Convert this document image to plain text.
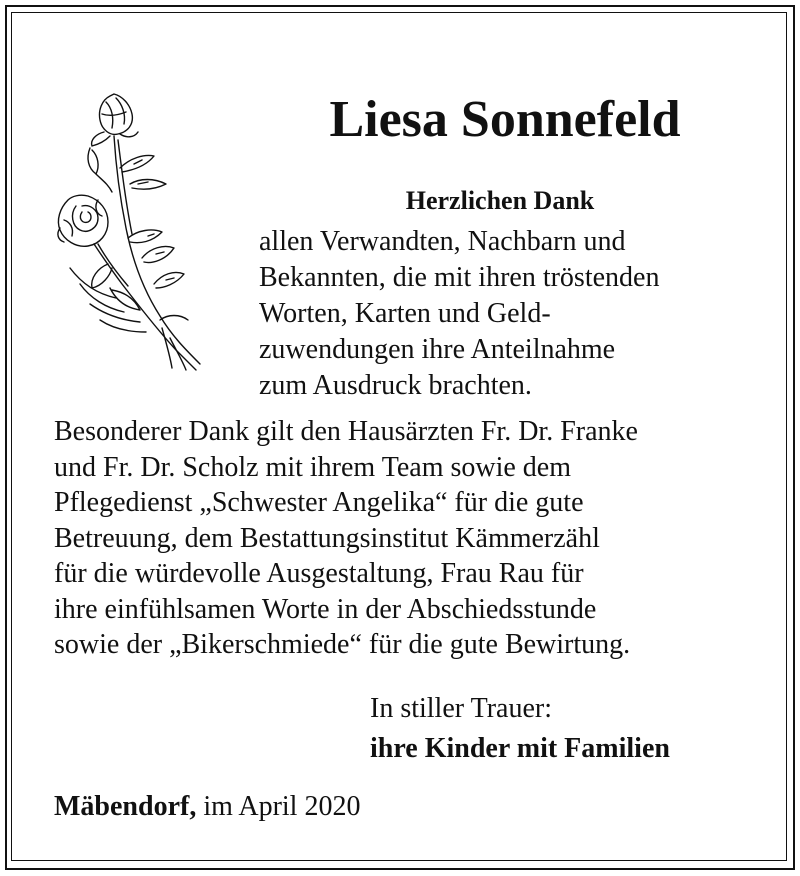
Liesa Sonnefeld
Herzlichen Dank
allen Verwandten, Nachbarn und
Bekannten, die mit ihren tröstenden
Worten, Karten und Geld-
zuwendungen ihre Anteilnahme
zum Ausdruck brachten.
Besonderer Dank gilt den Hausärzten Fr. Dr. Franke
und Fr. Dr. Scholz mit ihrem Team sowie dem
Pflegedienst „Schwester Angelika“ für die gute
Betreuung, dem Bestattungsinstitut Kämmerzähl
für die würdevolle Ausgestaltung, Frau Rau für
ihre einfühlsamen Worte in der Abschiedsstunde
sowie der „Bikerschmiede“ für die gute Bewirtung.
In stiller Trauer:
ihre Kinder mit Familien
Mäbendorf, im April 2020
